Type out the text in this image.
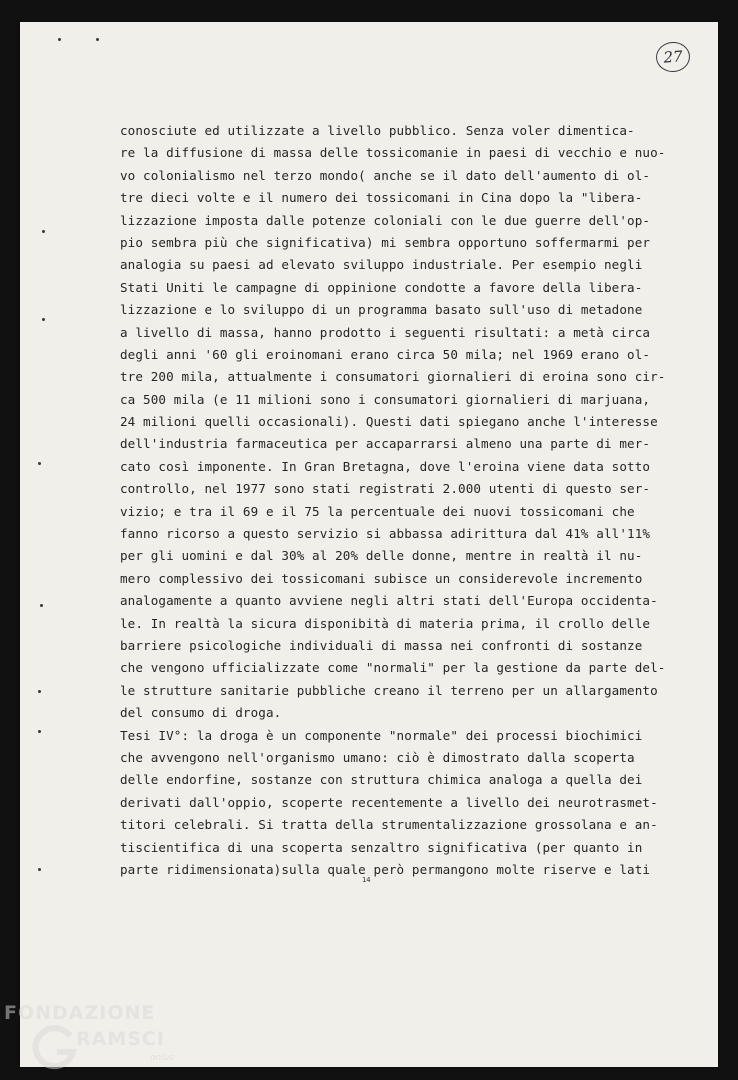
27
conosciute ed utilizzate a livello pubblico. Senza voler dimentica-
re la diffusione di massa delle tossicomanie in paesi di vecchio e nuo-
vo colonialismo nel terzo mondo( anche se il dato dell'aumento di ol-
tre dieci volte e il numero dei tossicomani in Cina dopo la "libera-
lizzazione imposta dalle potenze coloniali con le due guerre dell'op-
pio sembra più che significativa) mi sembra opportuno soffermarmi per
analogia su paesi ad elevato sviluppo industriale. Per esempio negli
Stati Uniti le campagne di oppinione condotte a favore della libera-
lizzazione e lo sviluppo di un programma basato sull'uso di metadone
a livello di massa, hanno prodotto i seguenti risultati: a metà circa
degli anni '60 gli eroinomani erano circa 50 mila; nel 1969 erano ol-
tre 200 mila, attualmente i consumatori giornalieri di eroina sono cir-
ca 500 mila (e 11 milioni sono i consumatori giornalieri di marjuana,
24 milioni quelli occasionali). Questi dati spiegano anche l'interesse
dell'industria farmaceutica per accaparrarsi almeno una parte di mer-
cato così imponente. In Gran Bretagna, dove l'eroina viene data sotto
controllo, nel 1977 sono stati registrati 2.000 utenti di questo ser-
vizio; e tra il 69 e il 75 la percentuale dei nuovi tossicomani che
fanno ricorso a questo servizio si abbassa adirittura dal 41% all'11%
per gli uomini e dal 30% al 20% delle donne, mentre in realtà il nu-
mero complessivo dei tossicomani subisce un considerevole incremento
analogamente a quanto avviene negli altri stati dell'Europa occidenta-
le. In realtà la sicura disponibità di materia prima, il crollo delle
barriere psicologiche individuali di massa nei confronti di sostanze
che vengono ufficializzate come "normali" per la gestione da parte del-
le strutture sanitarie pubbliche creano il terreno per un allargamento
del consumo di droga.
Tesi IV°: la droga è un componente "normale" dei processi biochimici
che avvengono nell'organismo umano: ciò è dimostrato dalla scoperta
delle endorfine, sostanze con struttura chimica analoga a quella dei
derivati dall'oppio, scoperte recentemente a livello dei neurotrasmet-
titori celebrali. Si tratta della strumentalizzazione grossolana e an-
tiscientifica di una scoperta senzaltro significativa (per quanto in
parte ridimensionata)sulla quale però permangono molte riserve e lati
14
FONDAZIONE
RAMSCI
onlus
